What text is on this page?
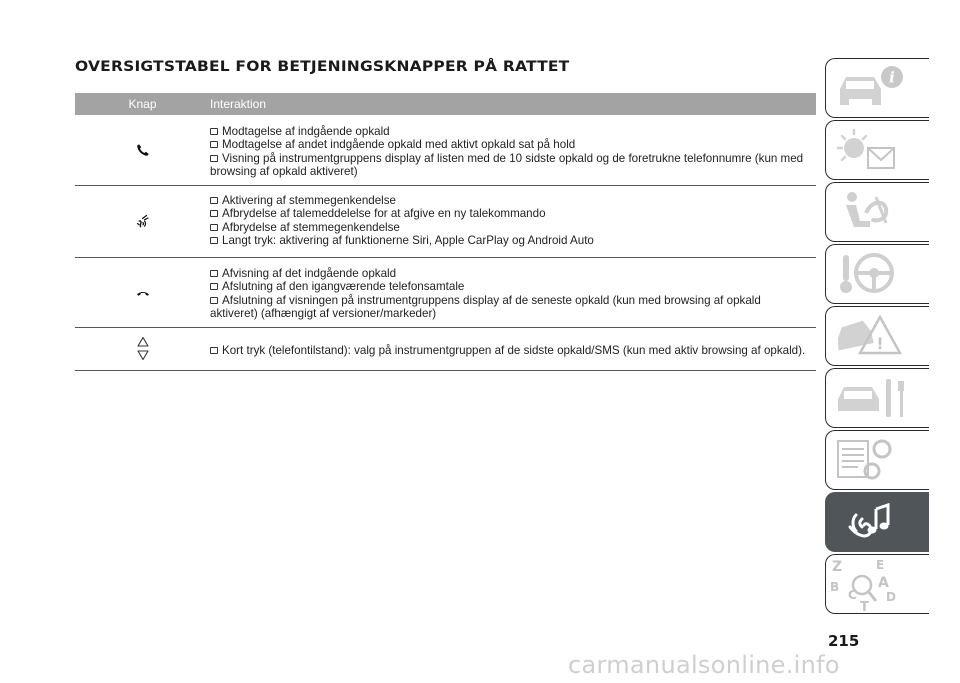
OVERSIGTSTABEL FOR BETJENINGSKNAPPER PÅ RATTET
Knap	Interaktion
Modtagelse af indgående opkald
Modtagelse af andet indgående opkald med aktivt opkald sat på hold
Visning på instrumentgruppens display af listen med de 10 sidste opkald og de foretrukne telefonnumre (kun med browsing af opkald aktiveret)
Aktivering af stemmegenkendelse
Afbrydelse af talemeddelelse for at afgive en ny talekommando
Afbrydelse af stemmegenkendelse
Langt tryk: aktivering af funktionerne Siri, Apple CarPlay og Android Auto
Afvisning af det indgående opkald
Afslutning af den igangværende telefonsamtale
Afslutning af visningen på instrumentgruppens display af de seneste opkald (kun med browsing af opkald aktiveret) (afhængigt af versioner/markeder)
Kort tryk (telefontilstand): valg på instrumentgruppen af de sidste opkald/SMS (kun med aktiv browsing af opkald).
i
!
Z	E
A
B
C D
T
215
carmanualsonline.info
